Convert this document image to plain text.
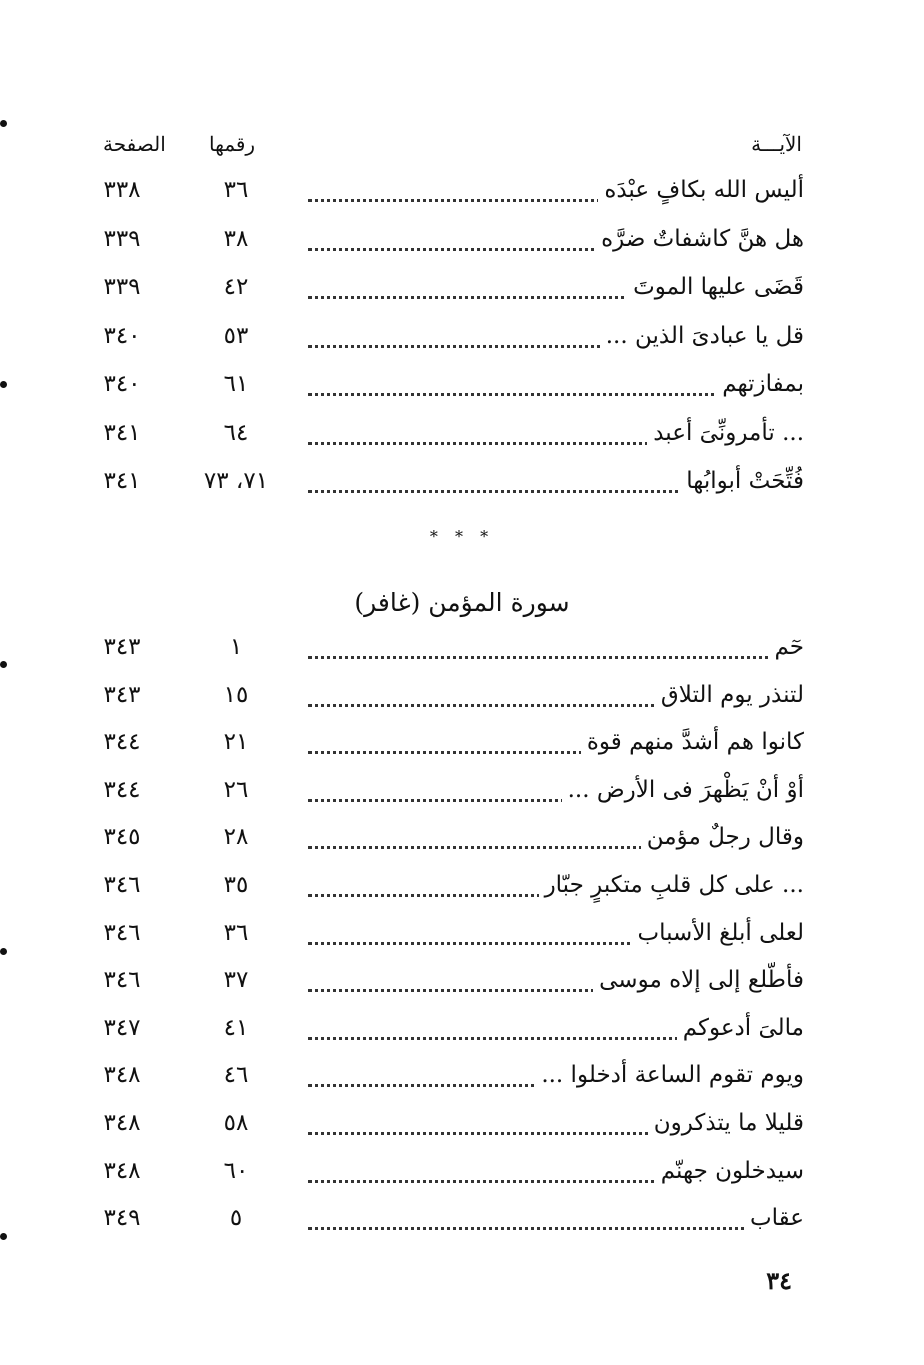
الآيـــة
رقمها
الصفحة
أليس الله بكافٍ عبْدَه
٣٦
٣٣٨
هل هنَّ كاشفاتٌ ضرَّه
٣٨
٣٣٩
قَضَى عليها الموتَ
٤٢
٣٣٩
قل يا عبادىَ الذين ...
٥٣
٣٤٠
بمفازتهم
٦١
٣٤٠
... تأمرونِّىَ أعبد
٦٤
٣٤١
فُتِّحَتْ أبوابُها
٧١، ٧٣
٣٤١
* * *
سورة المؤمن (غافر)
حٓم
١
٣٤٣
لتنذر يوم التلاق
١٥
٣٤٣
كانوا هم أشدَّ منهم قوة
٢١
٣٤٤
أوْ أنْ يَظْهرَ فى الأرض ...
٢٦
٣٤٤
وقال رجلٌ مؤمن
٢٨
٣٤٥
... على كل قلبِ متكبرٍ جبّار
٣٥
٣٤٦
لعلى أبلغ الأسباب
٣٦
٣٤٦
فأطّلع إلى إلاه موسى
٣٧
٣٤٦
مالىَ أدعوكم
٤١
٣٤٧
ويوم تقوم الساعة أدخلوا ...
٤٦
٣٤٨
قليلا ما يتذكرون
٥٨
٣٤٨
سيدخلون جهنّم
٦٠
٣٤٨
عقاب
٥
٣٤٩
٣٤
